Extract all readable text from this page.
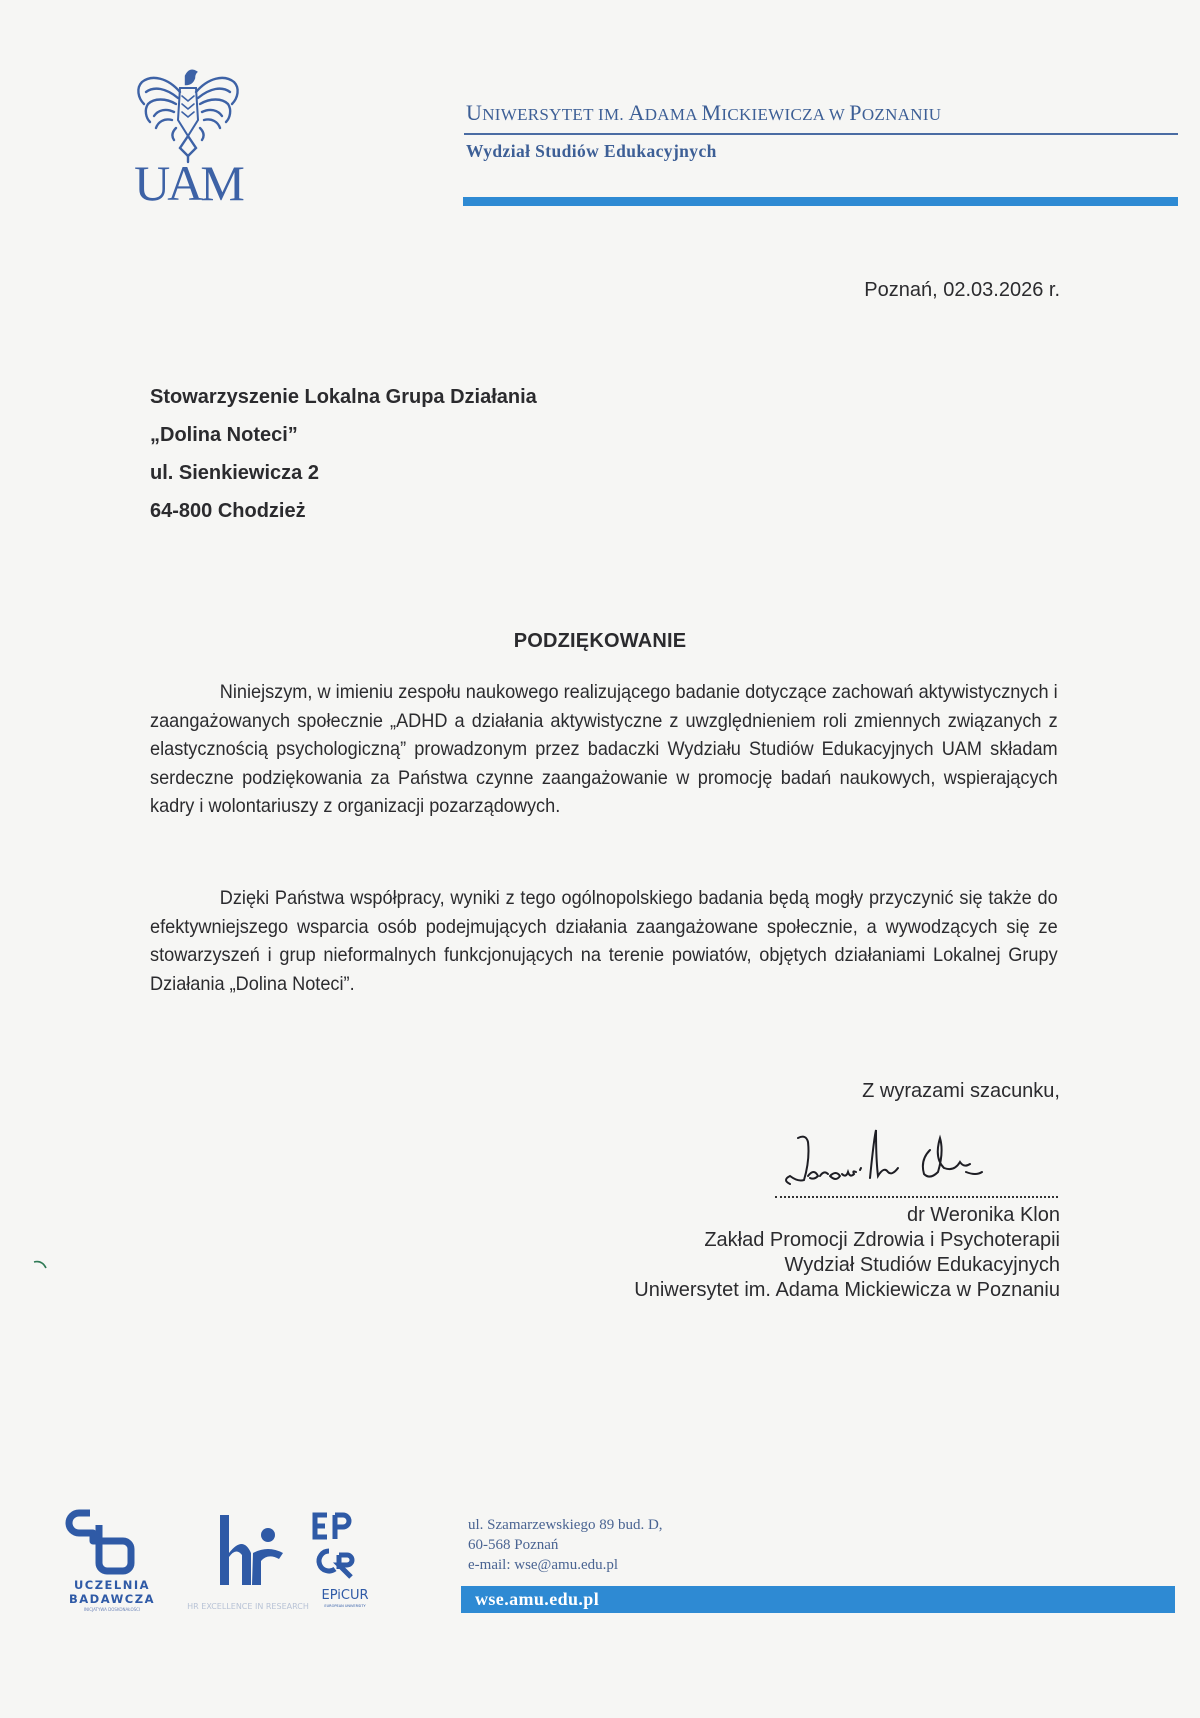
UAM
UNIWERSYTET IM. ADAMA MICKIEWICZA W POZNANIU
Wydział Studiów Edukacyjnych
Poznań, 02.03.2026 r.
Stowarzyszenie Lokalna Grupa Działania
„Dolina Noteci”
ul. Sienkiewicza 2
64-800 Chodzież
PODZIĘKOWANIE

Niniejszym, w imieniu zespołu naukowego realizującego badanie dotyczące zachowań aktywistycznych i zaangażowanych społecznie „ADHD a działania aktywistyczne z uwzględnieniem roli zmiennych związanych z elastycznością psychologiczną” prowadzonym przez badaczki Wydziału Studiów Edukacyjnych UAM składam serdeczne podziękowania za Państwa czynne zaangażowanie w promocję badań naukowych, wspierających kadry i wolontariuszy z organizacji pozarządowych.

Dzięki Państwa współpracy, wyniki z tego ogólnopolskiego badania będą mogły przyczynić się także do efektywniejszego wsparcia osób podejmujących działania zaangażowane społecznie, a wywodzących się ze stowarzyszeń i grup nieformalnych funkcjonujących na terenie powiatów, objętych działaniami Lokalnej Grupy Działania „Dolina Noteci”.

Z wyrazami szacunku,
dr Weronika Klon
Zakład Promocji Zdrowia i Psychoterapii
Wydział Studiów Edukacyjnych
Uniwersytet im. Adama Mickiewicza w Poznaniu
UCZELNIA
BADAWCZA
INICJATYWA DOSKONAŁOŚCI	HR EXCELLENCE IN RESEARCH
EPiCUR
EUROPEAN UNIVERSITY
ul. Szamarzewskiego 89 bud. D,
60-568 Poznań
e-mail: wse@amu.edu.pl
wse.amu.edu.pl
